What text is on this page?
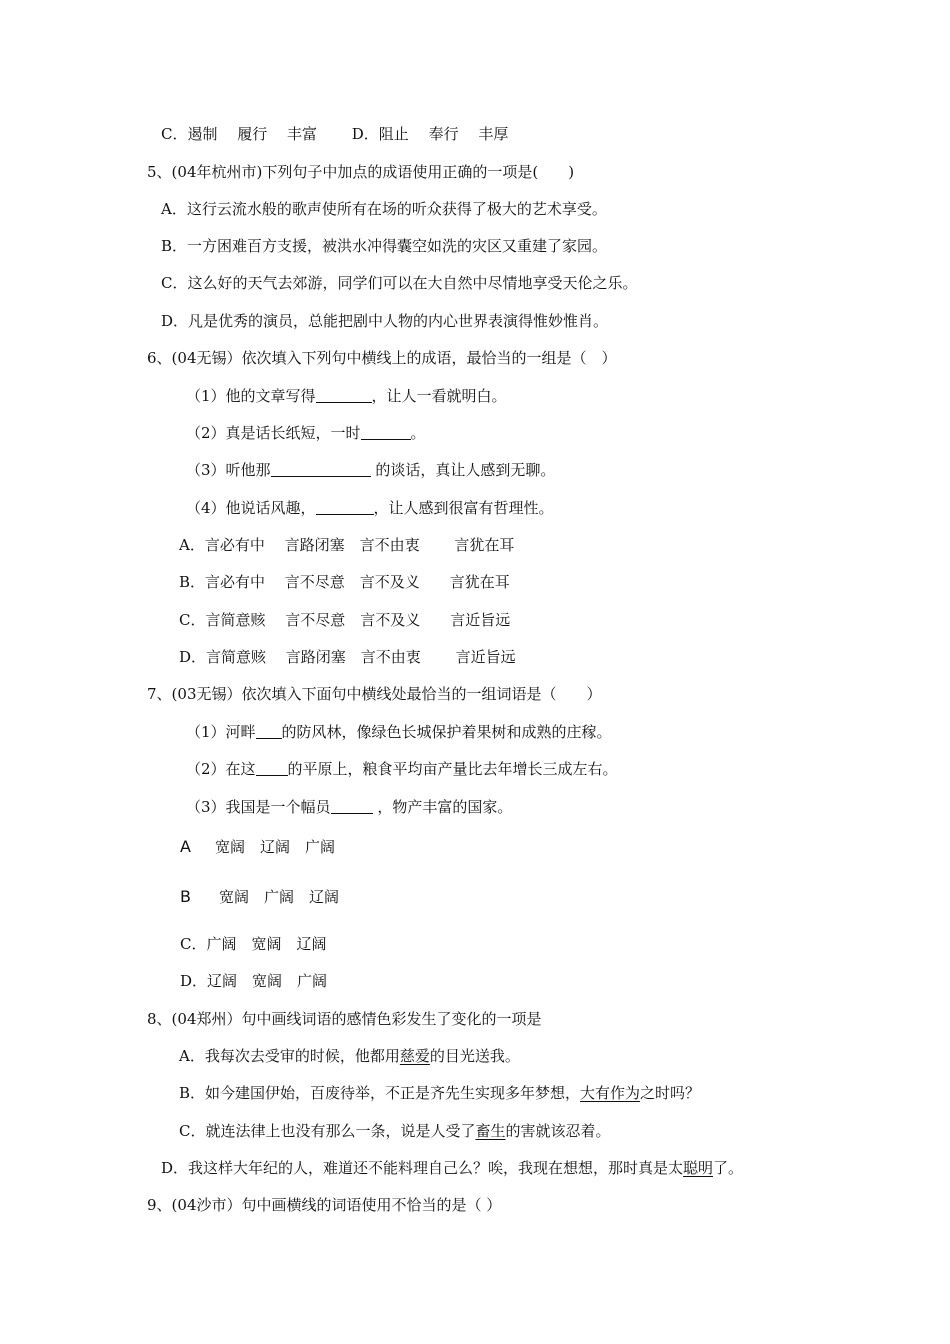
C．遏制　 履行　 丰富　　 D．阻止　 奉行　 丰厚
5、(04年杭州市)下列句子中加点的成语使用正确的一项是(　　)
A．这行云流水般的歌声使所有在场的听众获得了极大的艺术享受。
B．一方困难百方支援，被洪水冲得囊空如洗的灾区又重建了家园。
C．这么好的天气去郊游，同学们可以在大自然中尽情地享受天伦之乐。
D．凡是优秀的演员，总能把剧中人物的内心世界表演得惟妙惟肖。
6、(04无锡）依次填入下列句中横线上的成语，最恰当的一组是（　）
（1）他的文章写得	，让人一看就明白。
（2）真是话长纸短，一时	。
（3）听他那	的谈话，真让人感到无聊。
（4）他说话风趣，	，让人感到很富有哲理性。
A．言必有中　 言路闭塞　言不由衷　　 言犹在耳
B．言必有中　 言不尽意　言不及义　　言犹在耳
C．言简意赅　 言不尽意　言不及义　　言近旨远
D．言简意赅　 言路闭塞　言不由衷　　 言近旨远
7、(03无锡）依次填入下面句中横线处最恰当的一组词语是（　　）
（1）河畔 的防风林，像绿色长城保护着果树和成熟的庄稼。
（2）在这 的平原上，粮食平均亩产量比去年增长三成左右。
（3）我国是一个幅员	，物产丰富的国家。
A 宽阔　辽阔　广阔
B 宽阔　广阔　辽阔
C．广阔　宽阔　辽阔
D．辽阔　宽阔　广阔
8、(04郑州）句中画线词语的感情色彩发生了变化的一项是
A．我每次去受审的时候，他都用慈爱的目光送我。
B．如今建国伊始，百废待举，不正是齐先生实现多年梦想，大有作为之时吗？
C．就连法律上也没有那么一条，说是人受了畜生的害就该忍着。
D．我这样大年纪的人，难道还不能料理自己么？唉，我现在想想，那时真是太聪明了。
9、(04沙市）句中画横线的词语使用不恰当的是（ ）
